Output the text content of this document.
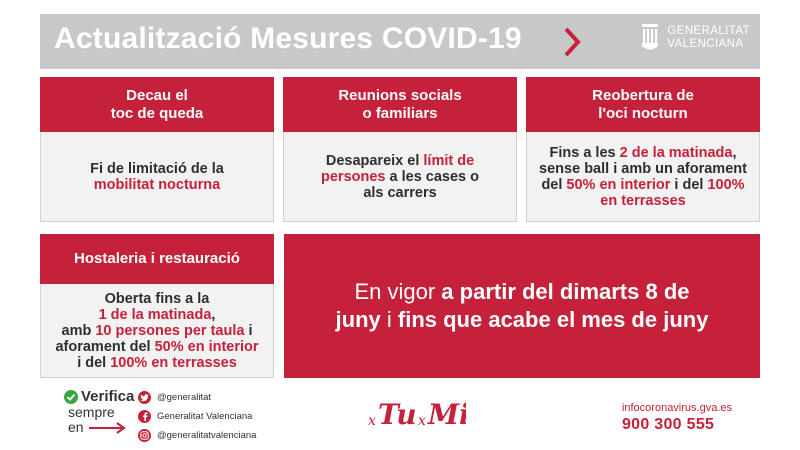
Actualització Mesures COVID-19	GENERALITAT
VALENCIANA
Decau el
toc de queda
Fi de limitació de la
mobilitat nocturna
Reunions socials
o familiars
Desapareix el límit de
persones a les cases o
als carrers
Reobertura de
l'oci nocturn
Fins a les 2 de la matinada,
sense ball i amb un aforament
del 50% en interior i del 100%
en terrasses
Hostaleria i restauració
Oberta fins a la
1 de la matinada,
amb 10 persones per taula i
aforament del 50% en interior
i del 100% en terrasses
En vigor a partir del dimarts 8 de
juny i fins que acabe el mes de juny
Verifica
sempre
en
@generalitat
Generalitat Valenciana
@generalitatvalenciana
x Tu x Mi	infocoronavirus.gva.es
900 300 555
